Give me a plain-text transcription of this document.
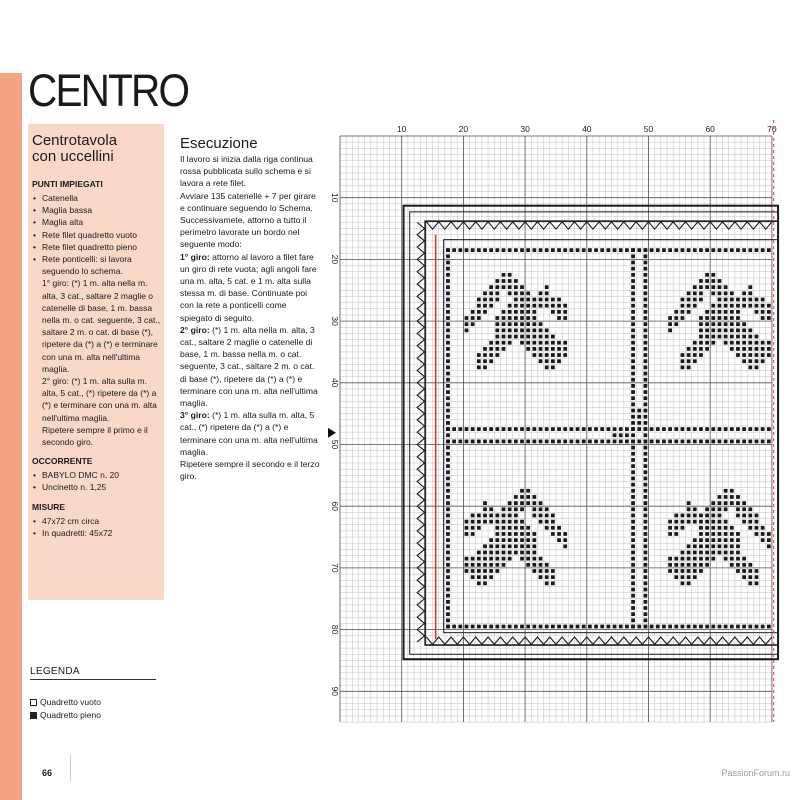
CENTRO
Centrotavola
con uccellini
PUNTI IMPIEGATI
• Catenella
• Maglia bassa
• Maglia alta
• Rete filet quadretto vuoto
• Rete filet quadretto pieno
• Rete ponticelli: si lavora seguendo lo schema.
1° giro: (*) 1 m. alta nella m. alta, 3 cat., saltare 2 maglie o catenelle di base, 1 m. bassa nella m. o cat. seguente, 3 cat., saltare 2 m. o cat. di base (*), ripetere da (*) a (*) e terminare con una m. alta nell'ultima maglia.
2° giro: (*) 1 m. alta sulla m. alta, 5 cat., (*) ripetere da (*) a (*) e terminare con una m. alta nell'ultima maglia.
Ripetere sempre il primo e il secondo giro.
OCCORRENTE
• BABYLO DMC n. 20
• Uncinetto n. 1,25
MISURE
• 47x72 cm circa
• In quadretti: 45x72
Esecuzione

Il lavoro si inizia dalla riga continua rossa pubblicata sullo schema e si lavora a rete filet.

Avviare 135 catenelle + 7 per girare e continuare seguendo lo Schema.

Successivamete, attorno a tutto il perimetro lavorate un bordo nel seguente modo:

1° giro: attorno al lavoro a filet fare un giro di rete vuota; agli angoli fare una m. alta, 5 cat. e 1 m. alta sulla stessa m. di base. Continuate poi con la rete a ponticelli come spiegato di seguito.

2° giro: (*) 1 m. alta nella m. alta, 3 cat., saltare 2 maglie o catenelle di base, 1 m. bassa nella m. o cat. seguente, 3 cat., saltare 2 m. o cat. di base (*), ripetere da (*) a (*) e terminare con una m. alta nell'ultima maglia.

3° giro: (*) 1 m. alta sulla m. alta, 5 cat., (*) ripetere da (*) a (*) e terminare con una m. alta nell'ultima maglia.

Ripetere sempre il secondo e il terzo giro.

LEGENDA
Quadretto vuoto
Quadretto pieno
66	PassionForum.ru
10	20	30	40	50	60	70
10
20
30
40
50
60
70
80
90
